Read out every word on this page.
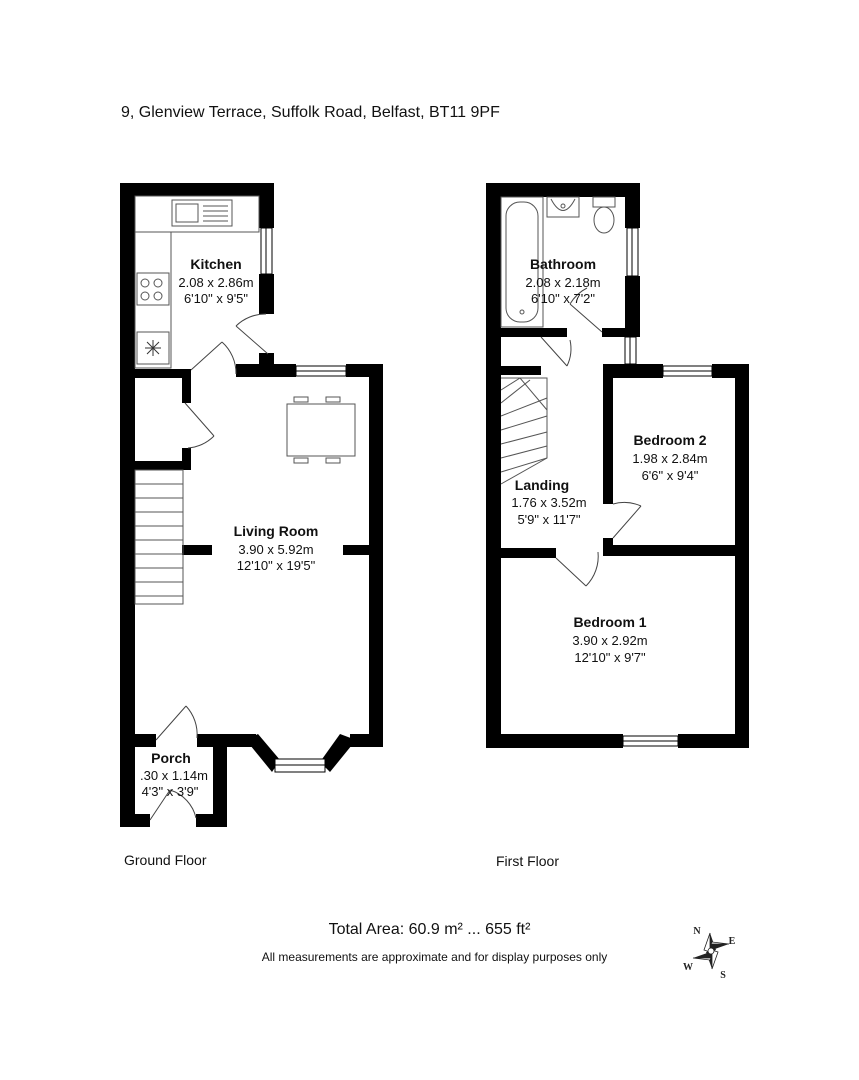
9, Glenview Terrace, Suffolk Road, Belfast, BT11 9PF
Kitchen
2.08 x 2.86m
6'10" x 9'5"
Living Room
3.90 x 5.92m
12'10" x 19'5"
Porch
.30 x 1.14m
4'3" x 3'9"
Bathroom
2.08 x 2.18m
6'10" x 7'2"
Bedroom 2
1.98 x 2.84m
6'6" x 9'4"
Landing
1.76 x 3.52m
5'9" x 11'7"
Bedroom 1
3.90 x 2.92m
12'10" x 9'7"
N
E
S
W
Ground Floor	First Floor
Total Area: 60.9 m² ... 655 ft²
All measurements are approximate and for display purposes only
